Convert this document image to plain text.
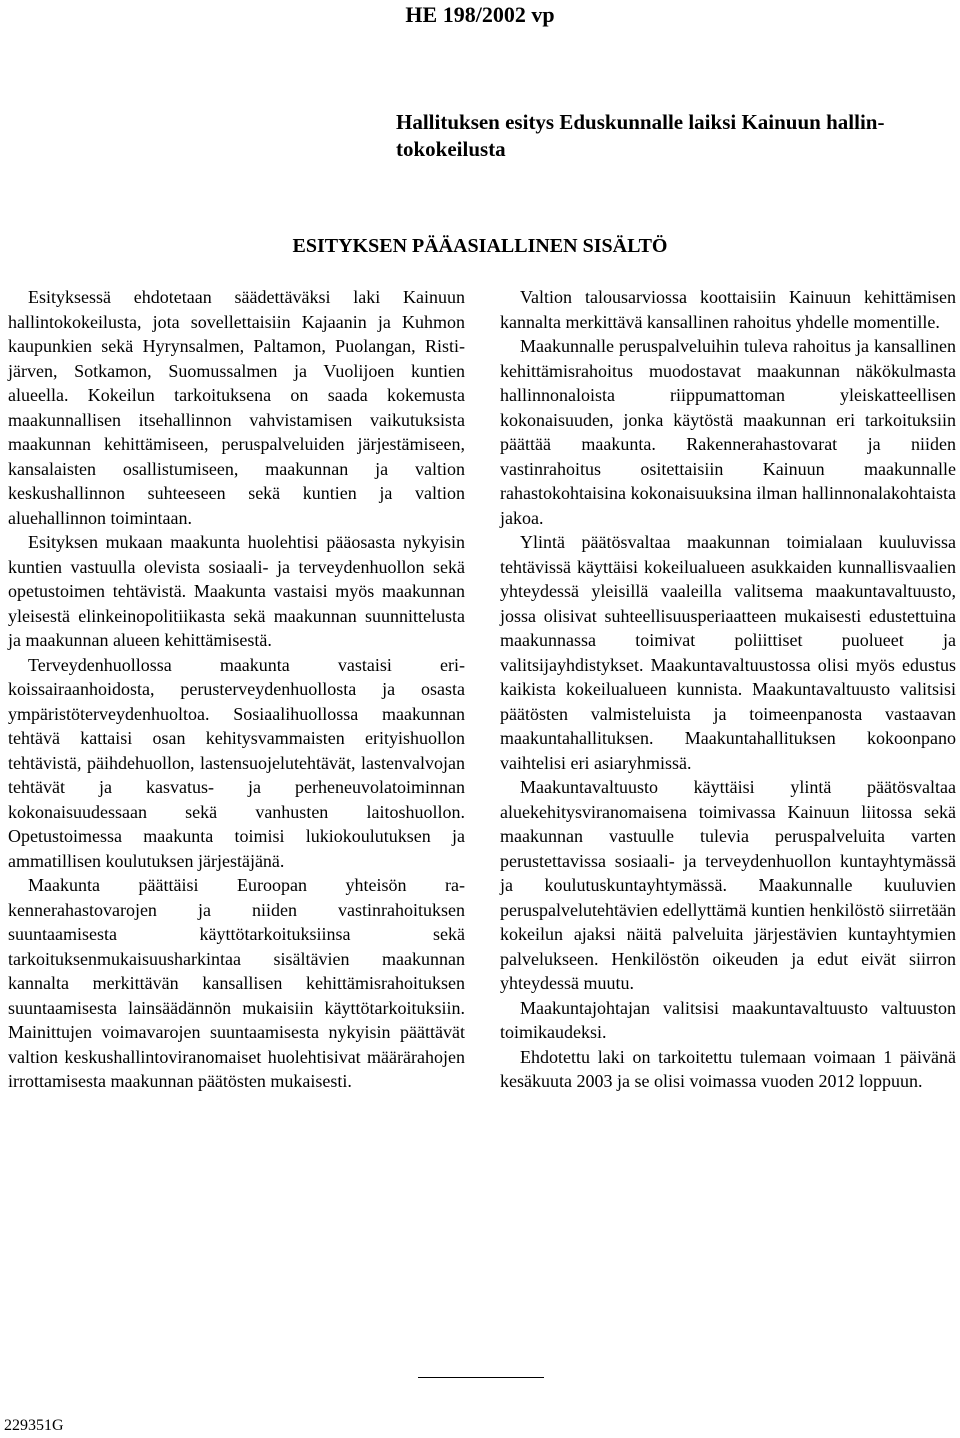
HE 198/2002 vp
Hallituksen esitys Eduskunnalle laiksi Kainuun hallintokokeilusta
ESITYKSEN PÄÄASIALLINEN SISÄLTÖ

Esityksessä ehdotetaan säädettäväksi laki Kainuun hallintokokeilusta, jota sovellettaisiin Kajaanin ja Kuhmon kaupunkien sekä Hyrynsalmen, Paltamon, Puolangan, Ristijärven, Sotkamon, Suomussalmen ja Vuolijoen kuntien alueella. Kokeilun tarkoituksena on saada kokemusta maakunnallisen itsehallinnon vahvistamisen vaikutuksista maakunnan kehittämiseen, peruspalveluiden järjestämiseen, kansalaisten osallistumiseen, maakunnan ja valtion keskushallinnon suhteeseen sekä kuntien ja valtion aluehallinnon toimintaan.

Esityksen mukaan maakunta huolehtisi pääosasta nykyisin kuntien vastuulla olevista sosiaali- ja terveydenhuollon sekä opetustoimen tehtävistä. Maakunta vastaisi myös maakunnan yleisestä elinkeinopolitiikasta sekä maakunnan suunnittelusta ja maakunnan alueen kehittämisestä.

Terveydenhuollossa maakunta vastaisi erikoissairaanhoidosta, perusterveydenhuollosta ja osasta ympäristöterveydenhuoltoa. Sosiaalihuollossa maakunnan tehtävä kattaisi osan kehitysvammaisten erityishuollon tehtävistä, päihdehuollon, lastensuojelutehtävät, lastenvalvojan tehtävät ja kasvatus- ja perheneuvolatoiminnan kokonaisuudessaan sekä vanhusten laitoshuollon. Opetustoimessa maakunta toimisi lukiokoulutuksen ja ammatillisen koulutuksen järjestäjänä.

Maakunta päättäisi Euroopan yhteisön rakennerahastovarojen ja niiden vastinrahoituksen suuntaamisesta käyttötarkoituksiinsa sekä tarkoituksenmukaisuusharkintaa sisältävien maakunnan kannalta merkittävän kansallisen kehittämisrahoituksen suuntaamisesta lainsäädännön mukaisiin käyttötarkoituksiin. Mainittujen voimavarojen suuntaamisesta nykyisin päättävät valtion keskushallintoviranomaiset huolehtisivat määrärahojen irrottamisesta maakunnan päätösten mukaisesti.

Valtion talousarviossa koottaisiin Kainuun kehittämisen kannalta merkittävä kansallinen rahoitus yhdelle momentille.

Maakunnalle peruspalveluihin tuleva rahoitus ja kansallinen kehittämisrahoitus muodostavat maakunnan näkökulmasta hallinnonaloista riippumattoman yleiskatteellisen kokonaisuuden, jonka käytöstä maakunnan eri tarkoituksiin päättää maakunta. Rakennerahastovarat ja niiden vastinrahoitus ositettaisiin Kainuun maakunnalle rahastokohtaisina kokonaisuuksina ilman hallinnonalakohtaista jakoa.

Ylintä päätösvaltaa maakunnan toimialaan kuuluvissa tehtävissä käyttäisi kokeilualueen asukkaiden kunnallisvaalien yhteydessä yleisillä vaaleilla valitsema maakuntavaltuusto, jossa olisivat suhteellisuusperiaatteen mukaisesti edustettuina maakunnassa toimivat poliittiset puolueet ja valitsijayhdistykset. Maakuntavaltuustossa olisi myös edustus kaikista kokeilualueen kunnista. Maakuntavaltuusto valitsisi päätösten valmisteluista ja toimeenpanosta vastaavan maakuntahallituksen. Maakuntahallituksen kokoonpano vaihtelisi eri asiaryhmissä.

Maakuntavaltuusto käyttäisi ylintä päätösvaltaa aluekehitysviranomaisena toimivassa Kainuun liitossa sekä maakunnan vastuulle tulevia peruspalveluita varten perustettavissa sosiaali- ja terveydenhuollon kuntayhtymässä ja koulutuskuntayhtymässä. Maakunnalle kuuluvien peruspalvelutehtävien edellyttämä kuntien henkilöstö siirretään kokeilun ajaksi näitä palveluita järjestävien kuntayhtymien palvelukseen. Henkilöstön oikeuden ja edut eivät siirron yhteydessä muutu.

Maakuntajohtajan valitsisi maakuntavaltuusto valtuuston toimikaudeksi.

Ehdotettu laki on tarkoitettu tulemaan voimaan 1 päivänä kesäkuuta 2003 ja se olisi voimassa vuoden 2012 loppuun.

229351G
